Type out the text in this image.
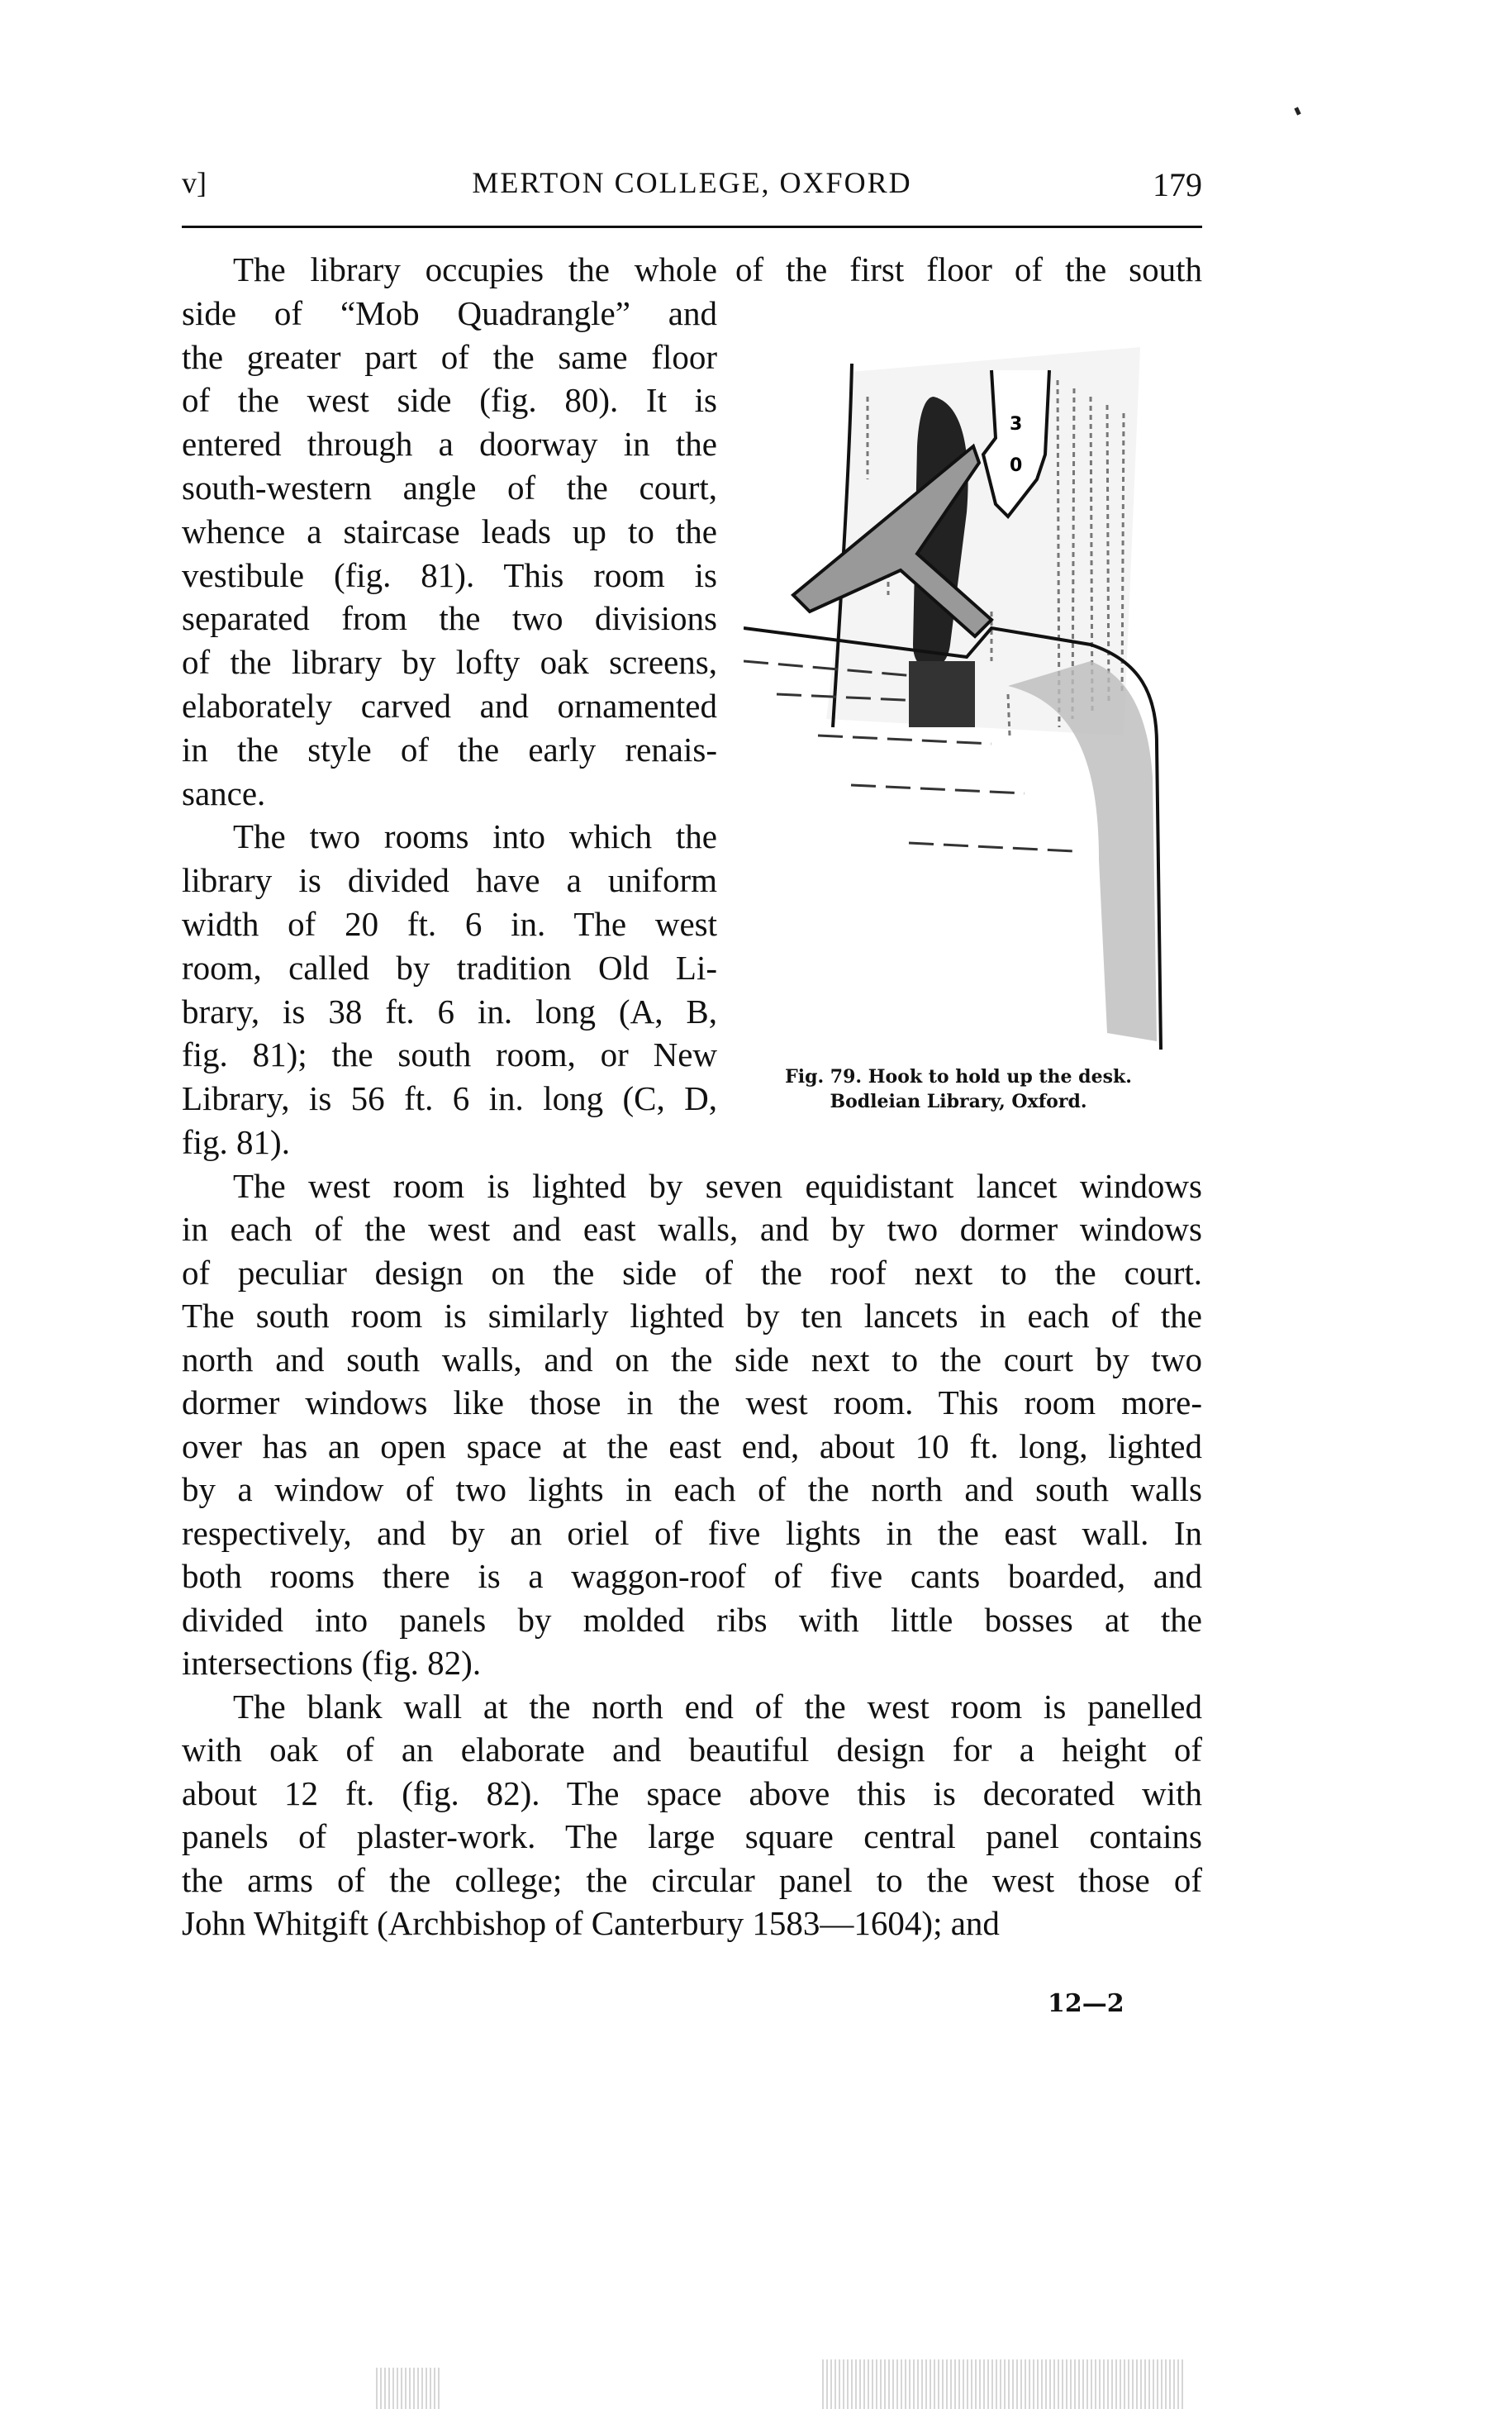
v]	MERTON COLLEGE, OXFORD	179
The library occupies the whole of the first floor of the south
side of “Mob Quadrangle” and
the greater part of the same floor
of the west side (fig. 80). It is
entered through a doorway in the
south-western angle of the court,
whence a staircase leads up to the
vestibule (fig. 81). This room is
separated from the two divisions
of the library by lofty oak screens,
elaborately carved and ornamented
in the style of the early renais-
sance.
The two rooms into which the
library is divided have a uniform
width of 20 ft. 6 in. The west
room, called by tradition Old Li-
brary, is 38 ft. 6 in. long (A, B,
fig. 81); the south room, or New
Library, is 56 ft. 6 in. long (C, D,
fig. 81).
The west room is lighted by seven equidistant lancet windows
in each of the west and east walls, and by two dormer windows
of peculiar design on the side of the roof next to the court.
The south room is similarly lighted by ten lancets in each of the
north and south walls, and on the side next to the court by two
dormer windows like those in the west room. This room more-
over has an open space at the east end, about 10 ft. long, lighted
by a window of two lights in each of the north and south walls
respectively, and by an oriel of five lights in the east wall. In
both rooms there is a waggon-roof of five cants boarded, and
divided into panels by molded ribs with little bosses at the
intersections (fig. 82).
The blank wall at the north end of the west room is panelled
with oak of an elaborate and beautiful design for a height of
about 12 ft. (fig. 82). The space above this is decorated with
panels of plaster-work. The large square central panel contains
the arms of the college; the circular panel to the west those of
John Whitgift (Archbishop of Canterbury 1583—1604); and
3
0
Fig. 79. Hook to hold up the desk.
Bodleian Library, Oxford.
12—2
